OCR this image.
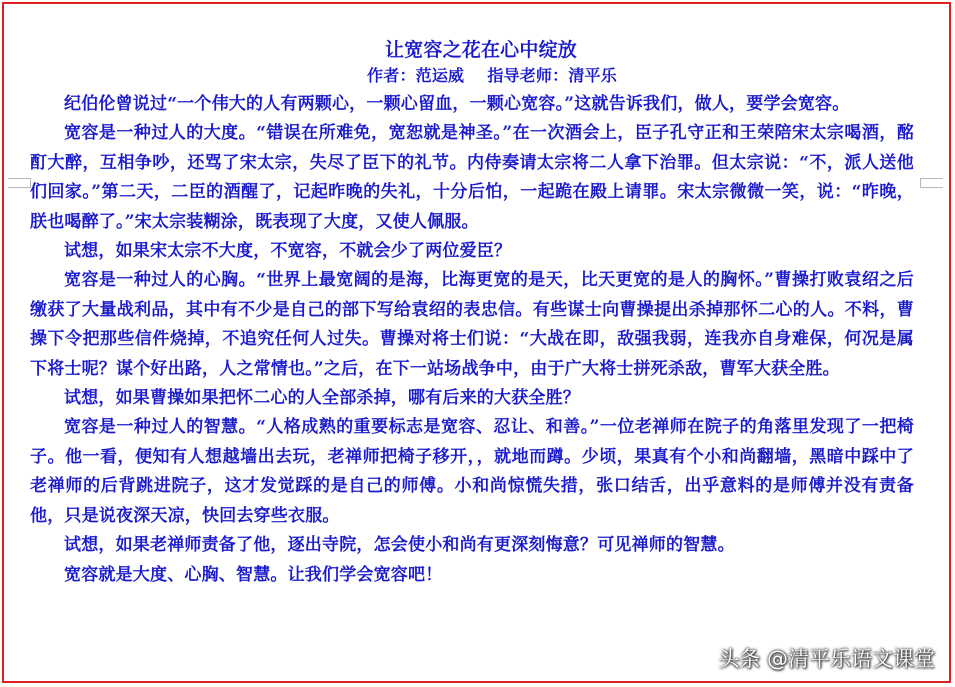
让宽容之花在心中绽放
作者：范运威    指导老师：清平乐

纪伯伦曾说过“一个伟大的人有两颗心，一颗心留血，一颗心宽容。”这就告诉我们，做人，要学会宽容。

宽容是一种过人的大度。“错误在所难免，宽恕就是神圣。”在一次酒会上，臣子孔守正和王荣陪宋太宗喝酒，酩酊大醉，互相争吵，还骂了宋太宗，失尽了臣下的礼节。内侍奏请太宗将二人拿下治罪。但太宗说：“不，派人送他们回家。”第二天，二臣的酒醒了，记起昨晚的失礼，十分后怕，一起跪在殿上请罪。宋太宗微微一笑，说：“昨晚，朕也喝醉了。”宋太宗装糊涂，既表现了大度，又使人佩服。

试想，如果宋太宗不大度，不宽容，不就会少了两位爱臣？

宽容是一种过人的心胸。“世界上最宽阔的是海，比海更宽的是天，比天更宽的是人的胸怀。”曹操打败袁绍之后缴获了大量战利品，其中有不少是自己的部下写给袁绍的表忠信。有些谋士向曹操提出杀掉那怀二心的人。不料，曹操下令把那些信件烧掉，不追究任何人过失。曹操对将士们说：“大战在即，敌强我弱，连我亦自身难保，何况是属下将士呢？谋个好出路，人之常情也。”之后，在下一站场战争中，由于广大将士拼死杀敌，曹军大获全胜。

试想，如果曹操如果把怀二心的人全部杀掉，哪有后来的大获全胜？

宽容是一种过人的智慧。“人格成熟的重要标志是宽容、忍让、和善。”一位老禅师在院子的角落里发现了一把椅子。他一看，便知有人想越墙出去玩，老禅师把椅子移开，，就地而蹲。少顷，果真有个小和尚翻墙，黑暗中踩中了老禅师的后背跳进院子，这才发觉踩的是自己的师傅。小和尚惊慌失措，张口结舌，出乎意料的是师傅并没有责备他，只是说夜深天凉，快回去穿些衣服。

试想，如果老禅师责备了他，逐出寺院，怎会使小和尚有更深刻悔意？可见禅师的智慧。

宽容就是大度、心胸、智慧。让我们学会宽容吧！

头条 @清平乐语文课堂
